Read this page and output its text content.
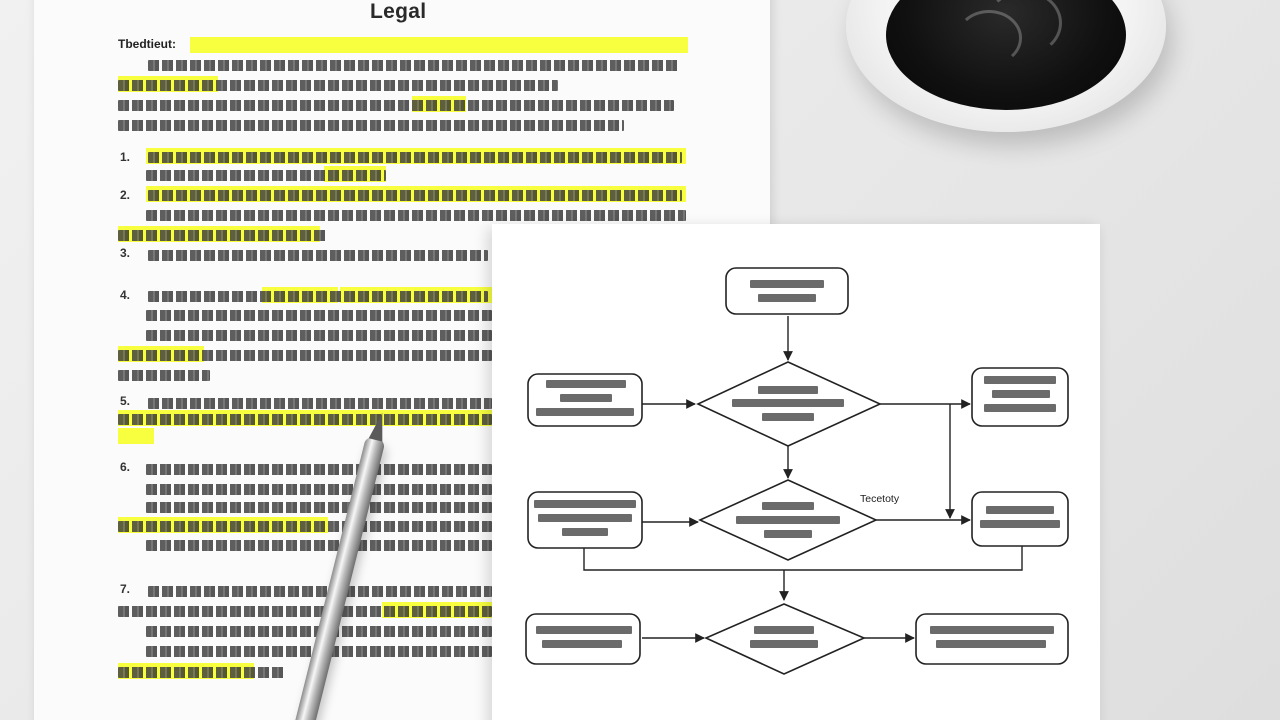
Legal
Tbedtieut:
1.
2.
3.
4.
5.
6.
7.
Tecetoty
